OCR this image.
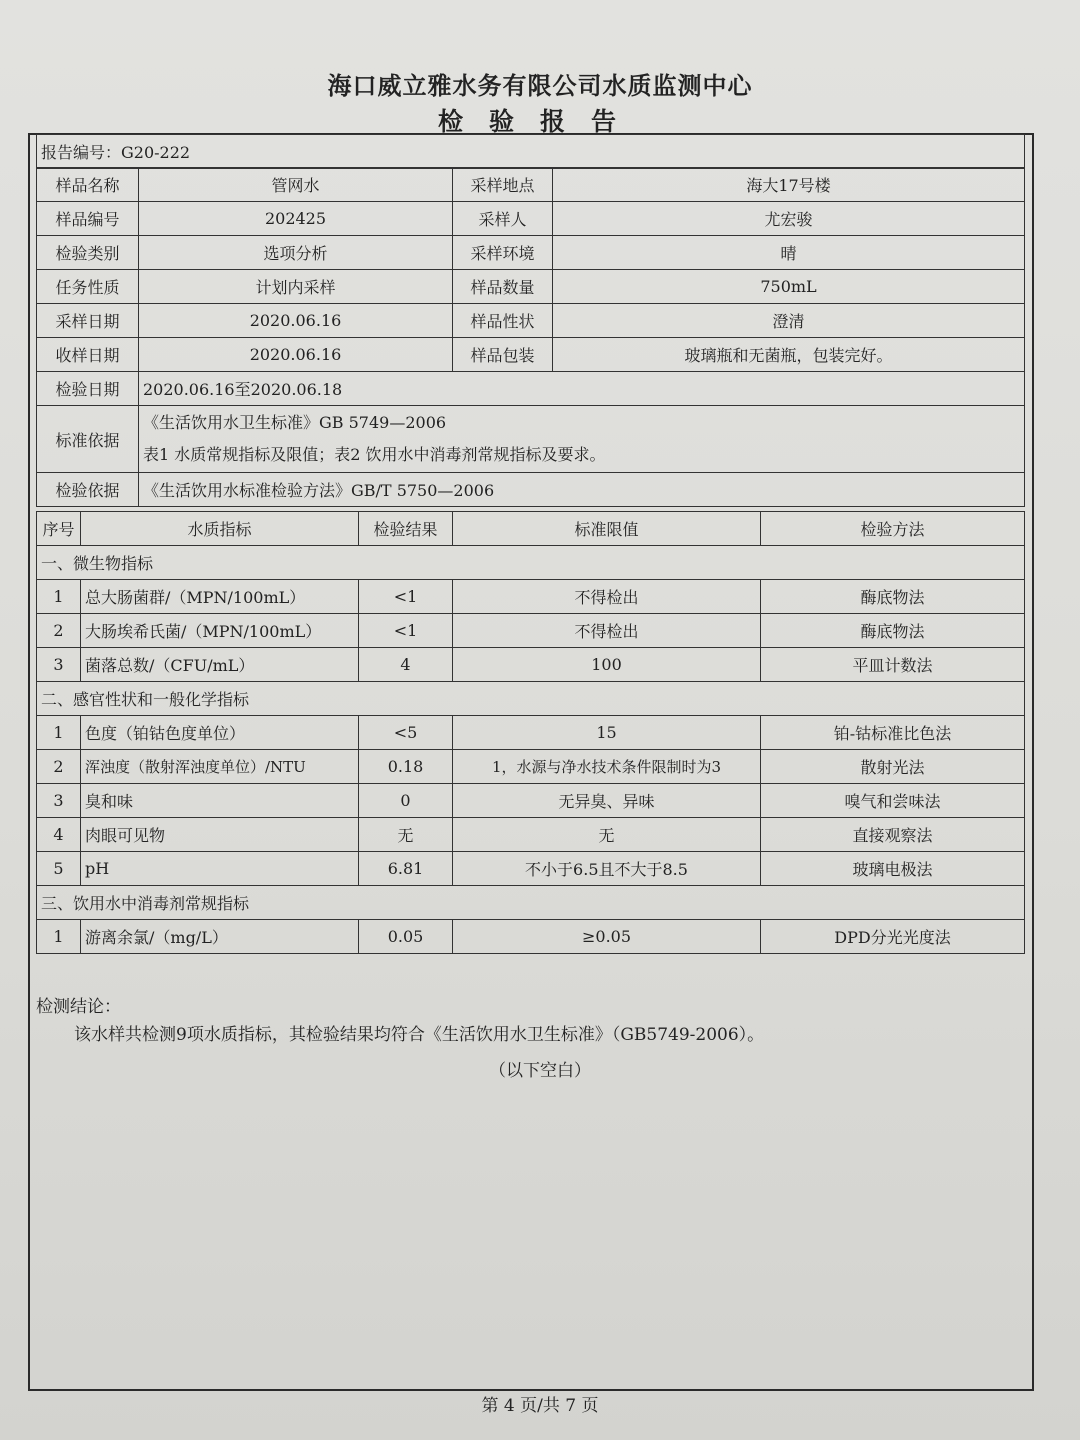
海口威立雅水务有限公司水质监测中心
检验报告
报告编号：G20-222
样品名称	管网水	采样地点	海大17号楼
样品编号	202425	采样人	尤宏骏
检验类别	选项分析	采样环境	晴
任务性质	计划内采样	样品数量	750mL
采样日期	2020.06.16	样品性状	澄清
收样日期	2020.06.16	样品包装	玻璃瓶和无菌瓶，包装完好。
检验日期	2020.06.16至2020.06.18		
标准依据	《生活饮用水卫生标准》GB 5749—2006
表1 水质常规指标及限值；表2 饮用水中消毒剂常规指标及要求。		

检验依据	《生活饮用水标准检验方法》GB/T 5750—2006		
序号	水质指标	检验结果	标准限值	检验方法
一、微生物指标				
1	总大肠菌群/（MPN/100mL）	<1	不得检出	酶底物法
2	大肠埃希氏菌/（MPN/100mL）	<1	不得检出	酶底物法
3	菌落总数/（CFU/mL）	4	100	平皿计数法
二、感官性状和一般化学指标				
1	色度（铂钴色度单位）	<5	15	铂-钴标准比色法
2	浑浊度（散射浑浊度单位）/NTU	0.18	1，水源与净水技术条件限制时为3	散射光法
3	臭和味	0	无异臭、异味	嗅气和尝味法
4	肉眼可见物	无	无	直接观察法
5	pH	6.81	不小于6.5且不大于8.5	玻璃电极法
三、饮用水中消毒剂常规指标				
1	游离余氯/（mg/L）	0.05	≥0.05	DPD分光光度法
检测结论：
该水样共检测9项水质指标，其检验结果均符合《生活饮用水卫生标准》（GB5749-2006）。
（以下空白）
第 4 页/共 7 页
